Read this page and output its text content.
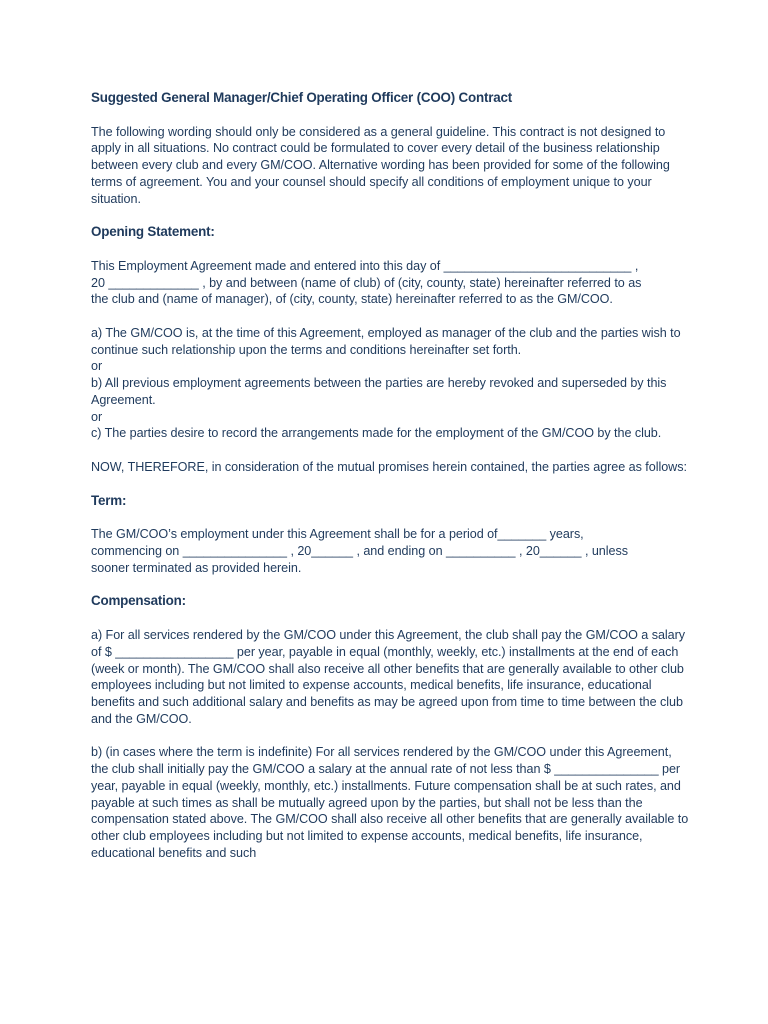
Suggested General Manager/Chief Operating Officer (COO) Contract

The following wording should only be considered as a general guideline. This contract is not designed to apply in all situations. No contract could be formulated to cover every detail of the business relationship between every club and every GM/COO. Alternative wording has been provided for some of the following terms of agreement. You and your counsel should specify all conditions of employment unique to your situation.

Opening Statement:

This Employment Agreement made and entered into this day of ___________________________ ,
20 _____________ , by and between (name of club) of (city, county, state) hereinafter referred to as
the club and (name of manager), of (city, county, state) hereinafter referred to as the GM/COO.

a) The GM/COO is, at the time of this Agreement, employed as manager of the club and the parties wish to continue such relationship upon the terms and conditions hereinafter set forth.

or

b) All previous employment agreements between the parties are hereby revoked and superseded by this Agreement.

or

c) The parties desire to record the arrangements made for the employment of the GM/COO by the club.

NOW, THEREFORE, in consideration of the mutual promises herein contained, the parties agree as follows:

Term:

The GM/COO’s employment under this Agreement shall be for a period of_______ years,
commencing on _______________ , 20______ , and ending on __________ , 20______ , unless
sooner terminated as provided herein.

Compensation:

a) For all services rendered by the GM/COO under this Agreement, the club shall pay the GM/COO a salary of $ _________________ per year, payable in equal (monthly, weekly, etc.) installments at the end of each (week or month). The GM/COO shall also receive all other benefits that are generally available to other club employees including but not limited to expense accounts, medical benefits, life insurance, educational benefits and such additional salary and benefits as may be agreed upon from time to time between the club and the GM/COO.

b) (in cases where the term is indefinite) For all services rendered by the GM/COO under this Agreement, the club shall initially pay the GM/COO a salary at the annual rate of not less than $ _______________ per year, payable in equal (weekly, monthly, etc.) installments. Future compensation shall be at such rates, and payable at such times as shall be mutually agreed upon by the parties, but shall not be less than the compensation stated above. The GM/COO shall also receive all other benefits that are generally available to other club employees including but not limited to expense accounts, medical benefits, life insurance, educational benefits and such
